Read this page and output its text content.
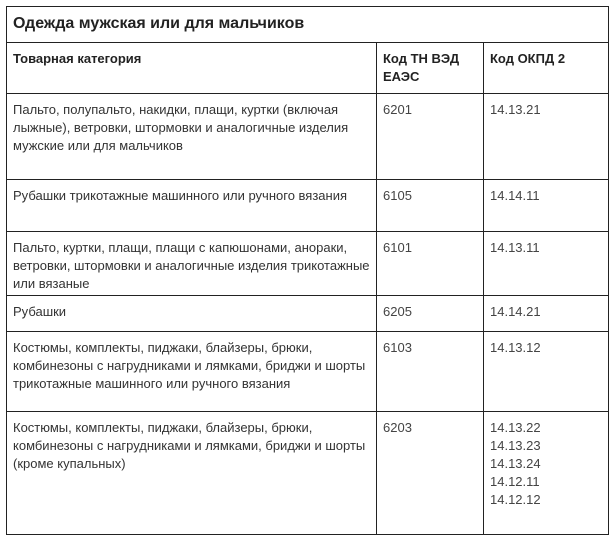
Одежда мужская или для мальчиков		
Товарная категория	Код ТН ВЭД ЕАЭС	Код ОКПД 2
Пальто, полупальто, накидки, плащи, куртки (включая лыжные), ветровки, штормовки и аналогичные изделия мужские или для мальчиков	6201	14.13.21

Рубашки трикотажные машинного или ручного вязания	6105	14.14.11

Пальто, куртки, плащи, плащи с капюшонами, анораки, ветровки, штормовки и аналогичные изделия трикотажные или вязаные	6101	14.13.11

Рубашки	6205	14.14.21

Костюмы, комплекты, пиджаки, блайзеры, брюки, комбинезоны с нагрудниками и лямками, бриджи и шорты трикотажные машинного или ручного вязания	6103	14.13.12

Костюмы, комплекты, пиджаки, блайзеры, брюки, комбинезоны с нагрудниками и лямками, бриджи и шорты (кроме купальных)	6203	14.13.22
14.13.23
14.13.24
14.12.11
14.12.12
